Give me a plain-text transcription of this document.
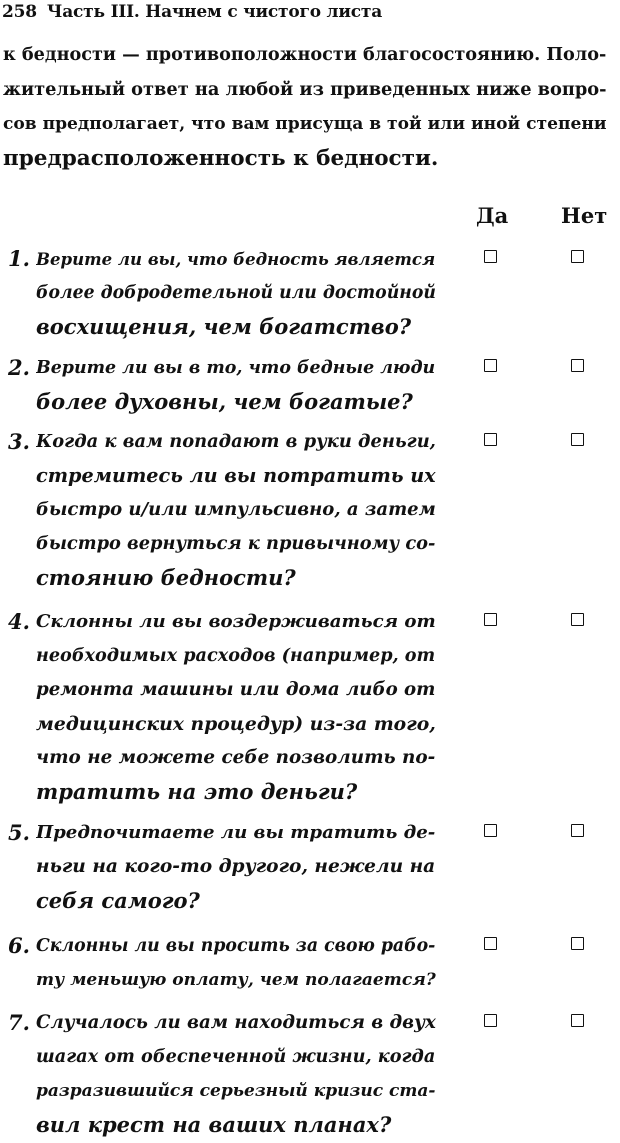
258 Часть III. Начнем с чистого листа
к бедности — противоположности благосостоянию. Поло-
жительный ответ на любой из приведенных ниже вопро-
сов предполагает, что вам присуща в той или иной степени
предрасположенность к бедности.
Да	Нет
1. Верите ли вы, что бедность является
более добродетельной или достойной
восхищения, чем богатство?
2. Верите ли вы в то, что бедные люди
более духовны, чем богатые?
3. Когда к вам попадают в руки деньги,
стремитесь ли вы потратить их
быстро и/или импульсивно, а затем
быстро вернуться к привычному со-
стоянию бедности?
4. Склонны ли вы воздерживаться от
необходимых расходов (например, от
ремонта машины или дома либо от
медицинских процедур) из-за того,
что не можете себе позволить по-
тратить на это деньги?
5. Предпочитаете ли вы тратить де-
ньги на кого-то другого, нежели на
себя самого?
6. Склонны ли вы просить за свою рабо-
ту меньшую оплату, чем полагается?
7. Случалось ли вам находиться в двух
шагах от обеспеченной жизни, когда
разразившийся серьезный кризис ста-
вил крест на ваших планах?
